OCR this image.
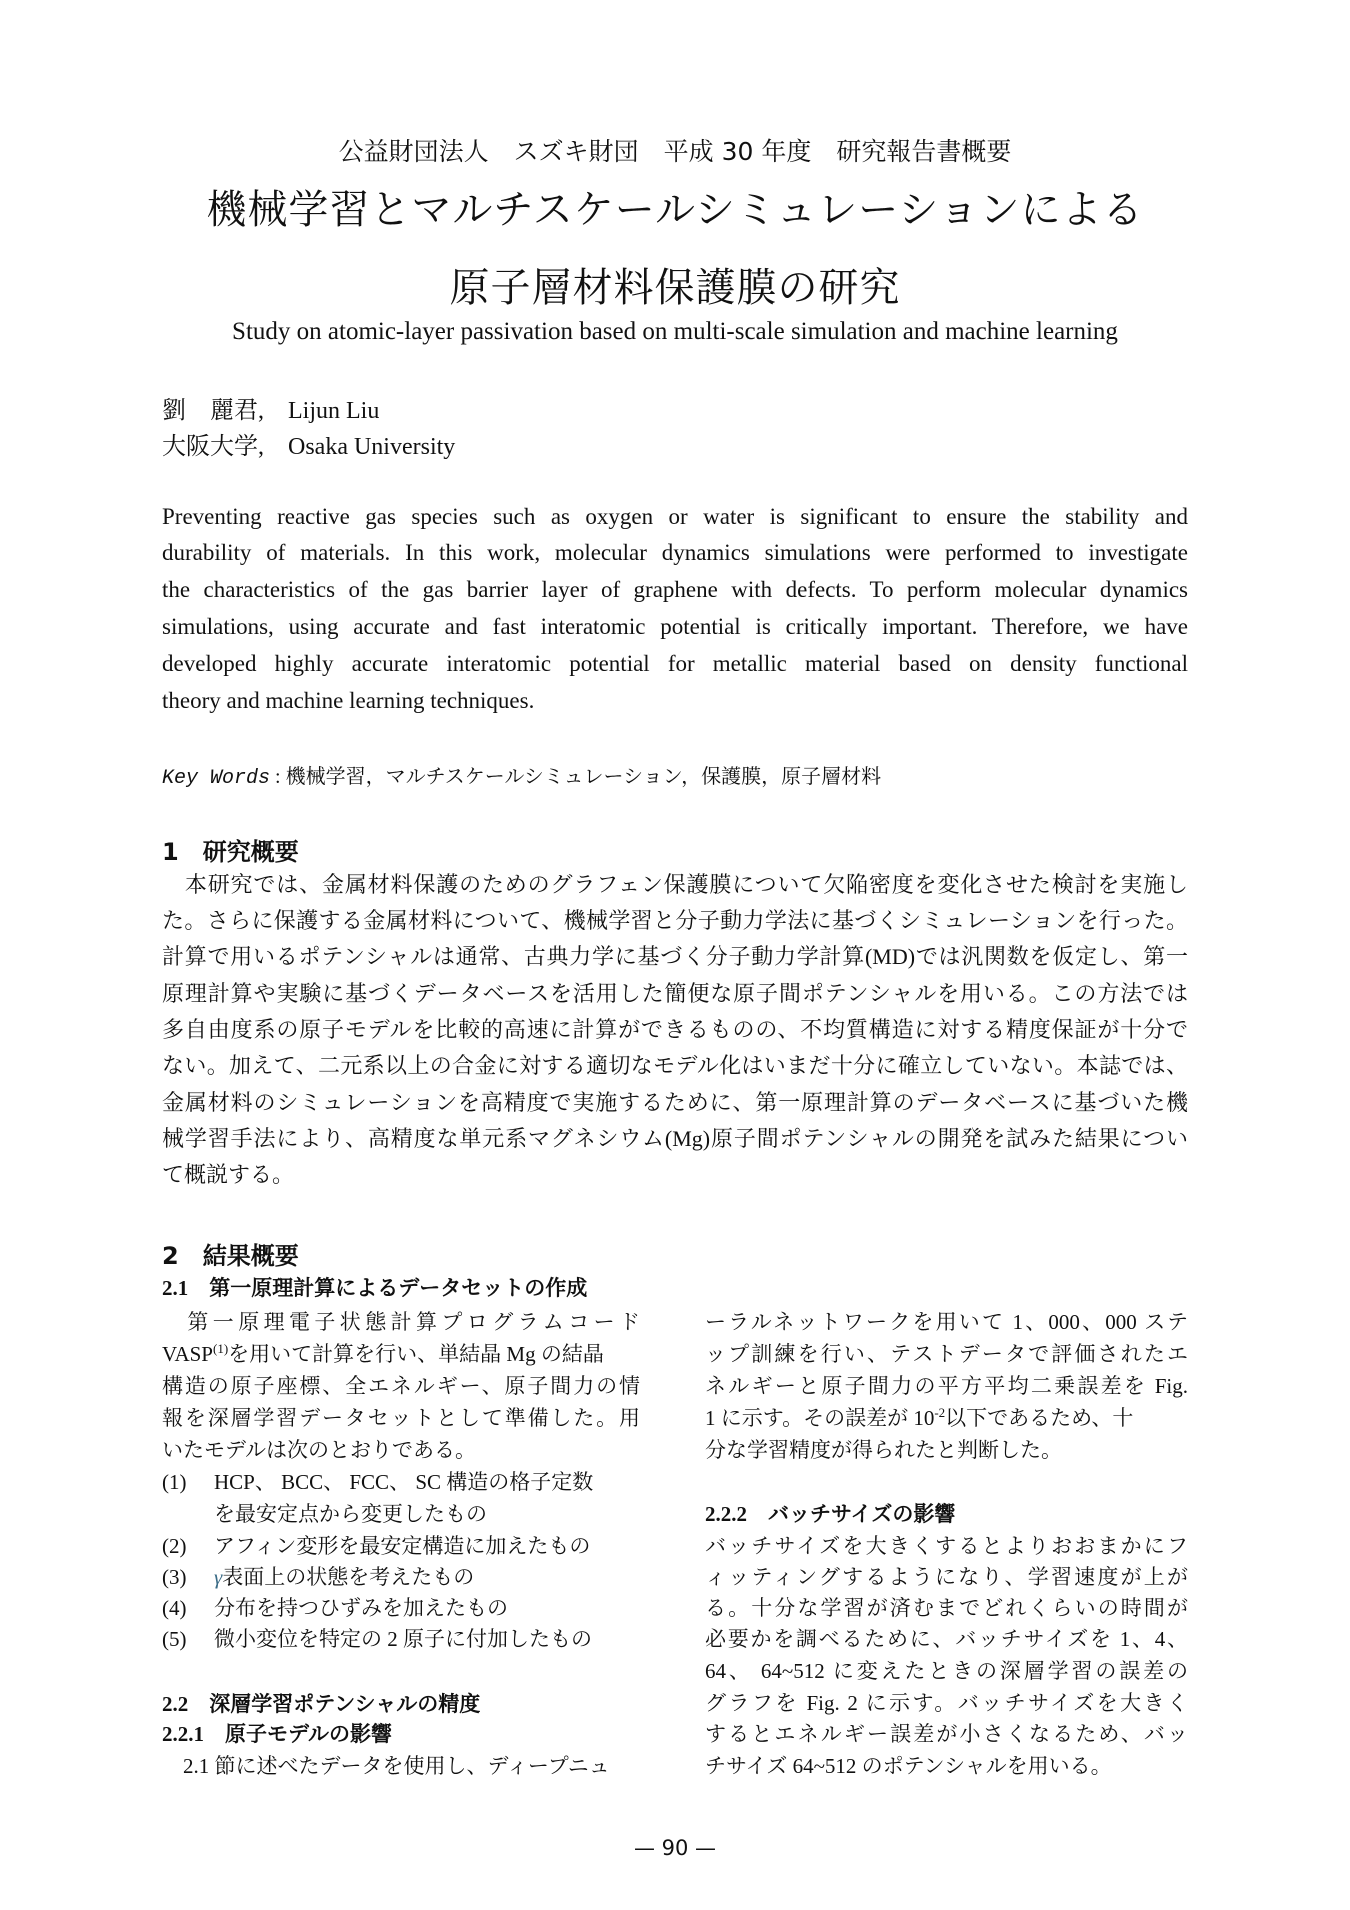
公益財団法人　スズキ財団　平成 30 年度　研究報告書概要
機械学習とマルチスケールシミュレーションによる
原子層材料保護膜の研究
Study on atomic-layer passivation based on multi-scale simulation and machine learning
劉　麗君,　Lijun Liu
大阪大学,　Osaka University
Preventing reactive gas species such as oxygen or water is significant to ensure the stability and
durability of materials. In this work, molecular dynamics simulations were performed to investigate
the characteristics of the gas barrier layer of graphene with defects. To perform molecular dynamics
simulations, using accurate and fast interatomic potential is critically important. Therefore, we have
developed highly accurate interatomic potential for metallic material based on density functional
theory and machine learning techniques.
Key Words : 機械学習，マルチスケールシミュレーション，保護膜，原子層材料
1　研究概要
　本研究では、金属材料保護のためのグラフェン保護膜について欠陥密度を変化させた検討を実施し
た。さらに保護する金属材料について、機械学習と分子動力学法に基づくシミュレーションを行った。
計算で用いるポテンシャルは通常、古典力学に基づく分子動力学計算(MD)では汎関数を仮定し、第一
原理計算や実験に基づくデータベースを活用した簡便な原子間ポテンシャルを用いる。この方法では
多自由度系の原子モデルを比較的高速に計算ができるものの、不均質構造に対する精度保証が十分で
ない。加えて、二元系以上の合金に対する適切なモデル化はいまだ十分に確立していない。本誌では、
金属材料のシミュレーションを高精度で実施するために、第一原理計算のデータベースに基づいた機
械学習手法により、高精度な単元系マグネシウム(Mg)原子間ポテンシャルの開発を試みた結果につい
て概説する。
2　結果概要
2.1　第一原理計算によるデータセットの作成
　第一原理電子状態計算プログラムコード
VASP$^{(1)}$を用いて計算を行い、単結晶 Mg の結晶
構造の原子座標、全エネルギー、原子間力の情
報を深層学習データセットとして準備した。用
いたモデルは次のとおりである。
(1) HCP、 BCC、 FCC、 SC 構造の格子定数
を最安定点から変更したもの
(2) アフィン変形を最安定構造に加えたもの
(3) γ表面上の状態を考えたもの
(4) 分布を持つひずみを加えたもの
(5) 微小変位を特定の 2 原子に付加したもの
2.2　深層学習ポテンシャルの精度
2.2.1　原子モデルの影響
　2.1 節に述べたデータを使用し、ディープニュ
ーラルネットワークを用いて 1、000、000 ステ
ップ訓練を行い、テストデータで評価されたエ
ネルギーと原子間力の平方平均二乗誤差を Fig.
1 に示す。その誤差が $10^{-2}$以下であるため、十
分な学習精度が得られたと判断した。
2.2.2　バッチサイズの影響
バッチサイズを大きくするとよりおおまかにフ
ィッティングするようになり、学習速度が上が
る。十分な学習が済むまでどれくらいの時間が
必要かを調べるために、バッチサイズを 1、4、
64、 64~512 に変えたときの深層学習の誤差の
グラフを Fig. 2 に示す。バッチサイズを大きく
するとエネルギー誤差が小さくなるため、バッ
チサイズ 64~512 のポテンシャルを用いる。
— 90 —
